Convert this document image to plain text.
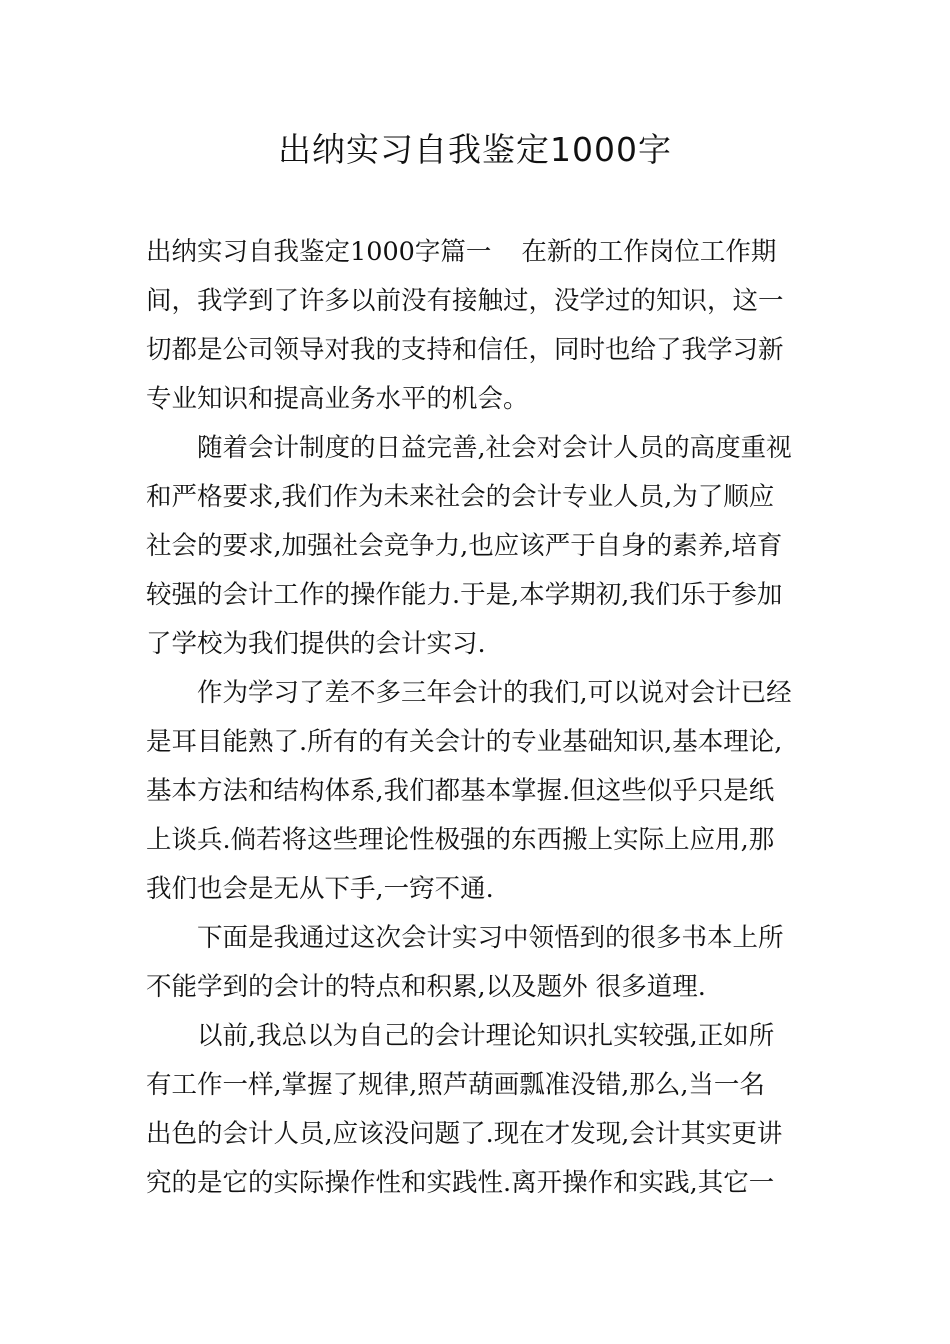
出纳实习自我鉴定1000字

出纳实习自我鉴定1000字篇一 在新的工作岗位工作期
间，我学到了许多以前没有接触过，没学过的知识，这一
切都是公司领导对我的支持和信任，同时也给了我学习新
专业知识和提高业务水平的机会。

随着会计制度的日益完善,社会对会计人员的高度重视
和严格要求,我们作为未来社会的会计专业人员,为了顺应
社会的要求,加强社会竞争力,也应该严于自身的素养,培育
较强的会计工作的操作能力.于是,本学期初,我们乐于参加
了学校为我们提供的会计实习.

作为学习了差不多三年会计的我们,可以说对会计已经
是耳目能熟了.所有的有关会计的专业基础知识,基本理论,
基本方法和结构体系,我们都基本掌握.但这些似乎只是纸
上谈兵.倘若将这些理论性极强的东西搬上实际上应用,那
我们也会是无从下手,一窍不通.

下面是我通过这次会计实习中领悟到的很多书本上所
不能学到的会计的特点和积累,以及题外 很多道理.

以前,我总以为自己的会计理论知识扎实较强,正如所
有工作一样,掌握了规律,照芦葫画瓢准没错,那么,当一名
出色的会计人员,应该没问题了.现在才发现,会计其实更讲
究的是它的实际操作性和实践性.离开操作和实践,其它一
